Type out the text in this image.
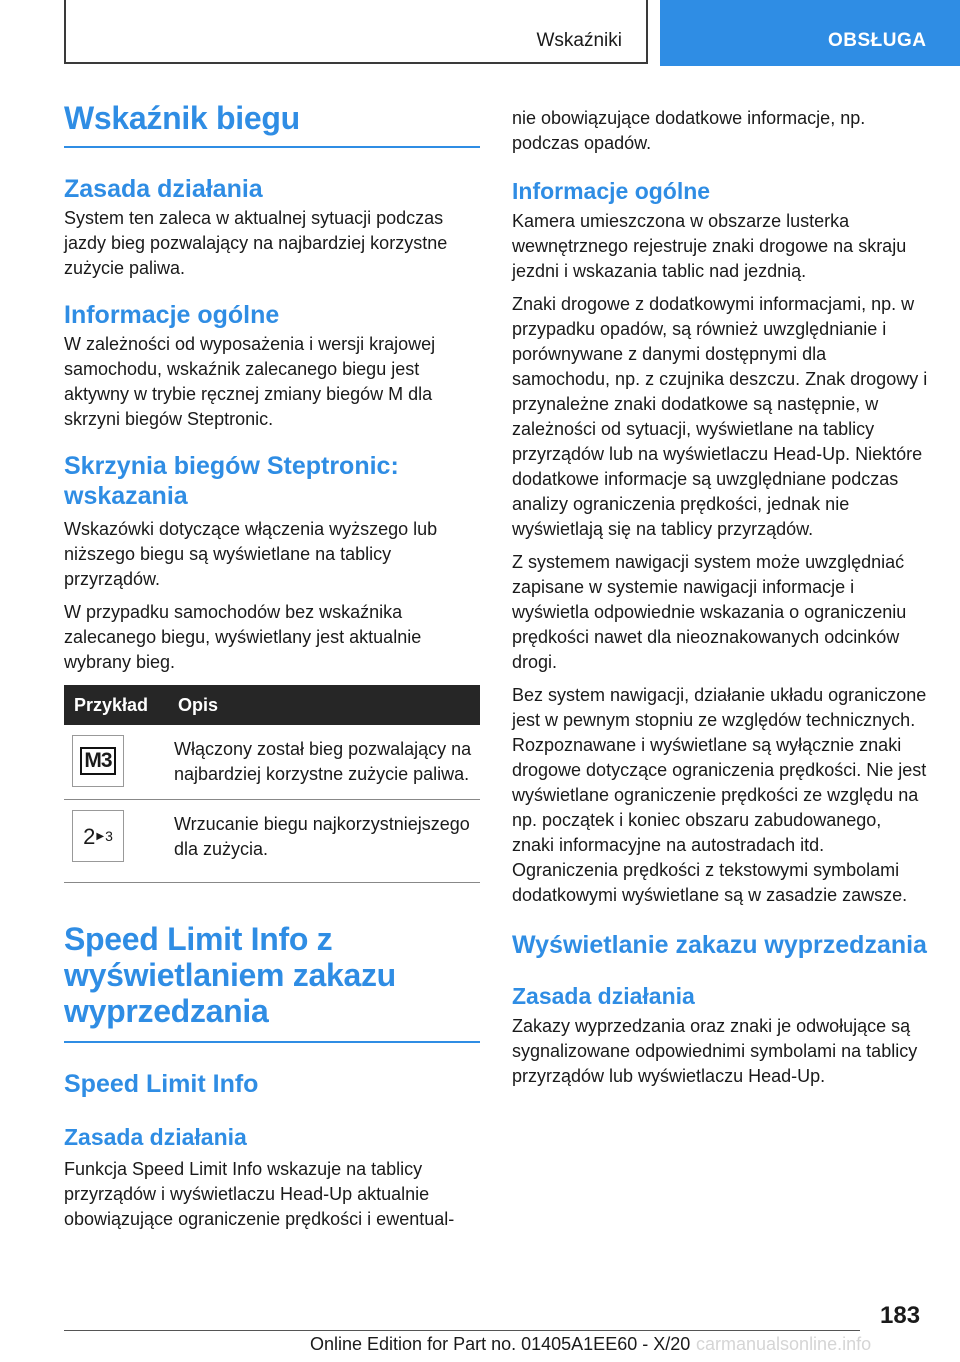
Wskaźniki	OBSŁUGA
Wskaźnik biegu
Zasada działania

System ten zaleca w aktualnej sytuacji podczas jazdy bieg pozwalający na najbardziej korzystne zużycie paliwa.

Informacje ogólne

W zależności od wyposażenia i wersji krajowej samochodu, wskaźnik zalecanego biegu jest aktywny w trybie ręcznej zmiany biegów M dla skrzyni biegów Steptronic.

Skrzynia biegów Steptronic: wskazania

Wskazówki dotyczące włączenia wyższego lub niższego biegu są wyświetlane na tablicy przyrządów.

W przypadku samochodów bez wskaźnika zalecanego biegu, wyświetlany jest aktualnie wybrany bieg.

Przykład	Opis

M3	Włączony został bieg pozwalający na najbardziej korzystne zużycie paliwa.

2 ▶ 3	Wrzucanie biegu najkorzystniejszego dla zużycia.
Speed Limit Info z wyświetlaniem zakazu wyprzedzania
Speed Limit Info
Zasada działania

Funkcja Speed Limit Info wskazuje na tablicy przyrządów i wyświetlaczu Head-Up aktualnie obowiązujące ograniczenie prędkości i ewentual-

nie obowiązujące dodatkowe informacje, np. podczas opadów.

Informacje ogólne

Kamera umieszczona w obszarze lusterka wewnętrznego rejestruje znaki drogowe na skraju jezdni i wskazania tablic nad jezdnią.

Znaki drogowe z dodatkowymi informacjami, np. w przypadku opadów, są również uwzględnianie i porównywane z danymi dostępnymi dla samochodu, np. z czujnika deszczu. Znak drogowy i przynależne znaki dodatkowe są następnie, w zależności od sytuacji, wyświetlane na tablicy przyrządów lub na wyświetlaczu Head-Up. Niektóre dodatkowe informacje są uwzględniane podczas analizy ograniczenia prędkości, jednak nie wyświetlają się na tablicy przyrządów.

Z systemem nawigacji system może uwzględniać zapisane w systemie nawigacji informacje i wyświetla odpowiednie wskazania o ograniczeniu prędkości nawet dla nieoznakowanych odcinków drogi.

Bez system nawigacji, działanie układu ograniczone jest w pewnym stopniu ze względów technicznych. Rozpoznawane i wyświetlane są wyłącznie znaki drogowe dotyczące ograniczenia prędkości. Nie jest wyświetlane ograniczenie prędkości ze względu na np. początek i koniec obszaru zabudowanego, znaki informacyjne na autostradach itd. Ograniczenia prędkości z tekstowymi symbolami dodatkowymi wyświetlane są w zasadzie zawsze.

Wyświetlanie zakazu wyprzedzania
Zasada działania

Zakazy wyprzedzania oraz znaki je odwołujące są sygnalizowane odpowiednimi symbolami na tablicy przyrządów lub wyświetlaczu Head-Up.

183
Online Edition for Part no. 01405A1EE60 - X/20 carmanualsonline.info
